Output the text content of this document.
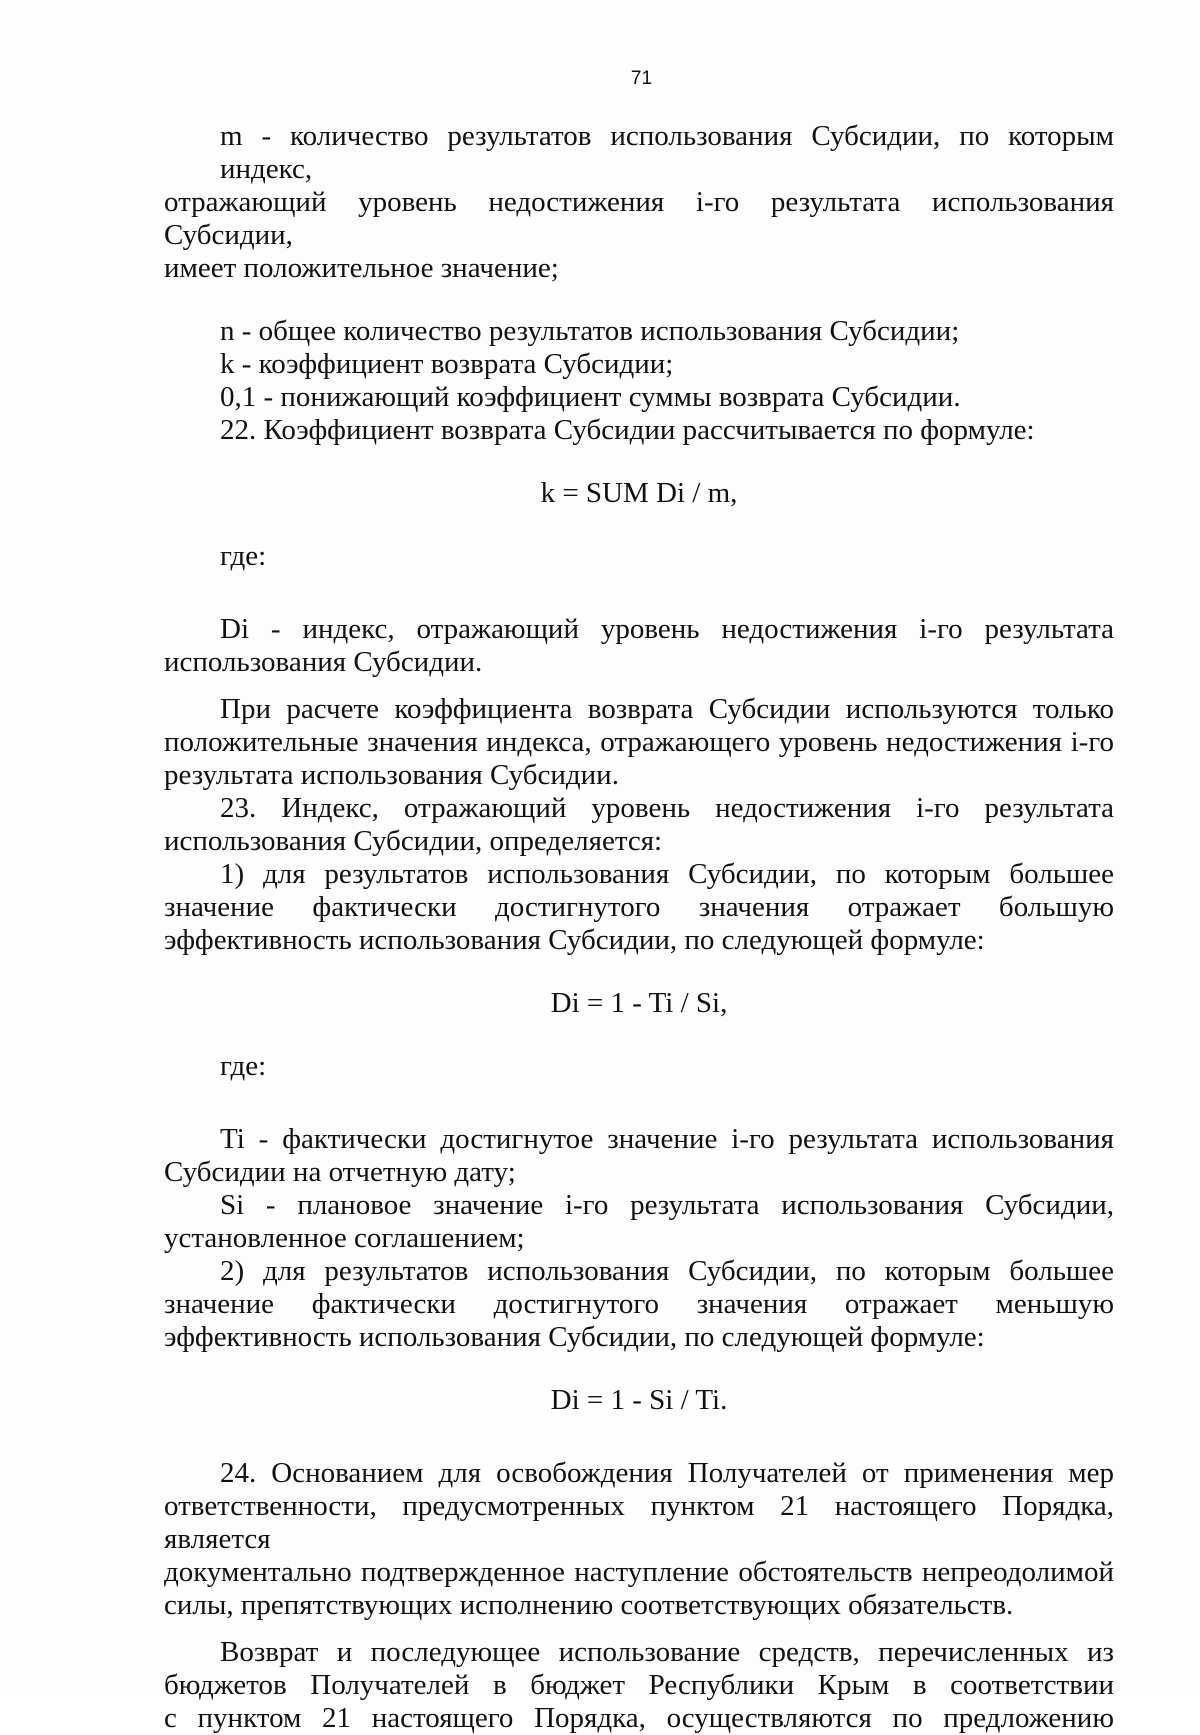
71
m - количество результатов использования Субсидии, по которым индекс,
отражающий уровень недостижения i-го результата использования Субсидии,
имеет положительное значение;
n - общее количество результатов использования Субсидии;
k - коэффициент возврата Субсидии;
0,1 - понижающий коэффициент суммы возврата Субсидии.
22. Коэффициент возврата Субсидии рассчитывается по формуле:
k = SUM Di / m,
где:
Di - индекс, отражающий уровень недостижения i-го результата
использования Субсидии.
При расчете коэффициента возврата Субсидии используются только
положительные значения индекса, отражающего уровень недостижения i-го
результата использования Субсидии.
23. Индекс, отражающий уровень недостижения i-го результата
использования Субсидии, определяется:
1) для результатов использования Субсидии, по которым большее
значение фактически достигнутого значения отражает большую
эффективность использования Субсидии, по следующей формуле:
Di = 1 - Ti / Si,
где:
Ti - фактически достигнутое значение i-го результата использования
Субсидии на отчетную дату;
Si - плановое значение i-го результата использования Субсидии,
установленное соглашением;
2) для результатов использования Субсидии, по которым большее
значение фактически достигнутого значения отражает меньшую
эффективность использования Субсидии, по следующей формуле:
Di = 1 - Si / Ti.
24. Основанием для освобождения Получателей от применения мер
ответственности, предусмотренных пунктом 21 настоящего Порядка, является
документально подтвержденное наступление обстоятельств непреодолимой
силы, препятствующих исполнению соответствующих обязательств.
Возврат и последующее использование средств, перечисленных из
бюджетов Получателей в бюджет Республики Крым в соответствии
с пунктом 21 настоящего Порядка, осуществляются по предложению
